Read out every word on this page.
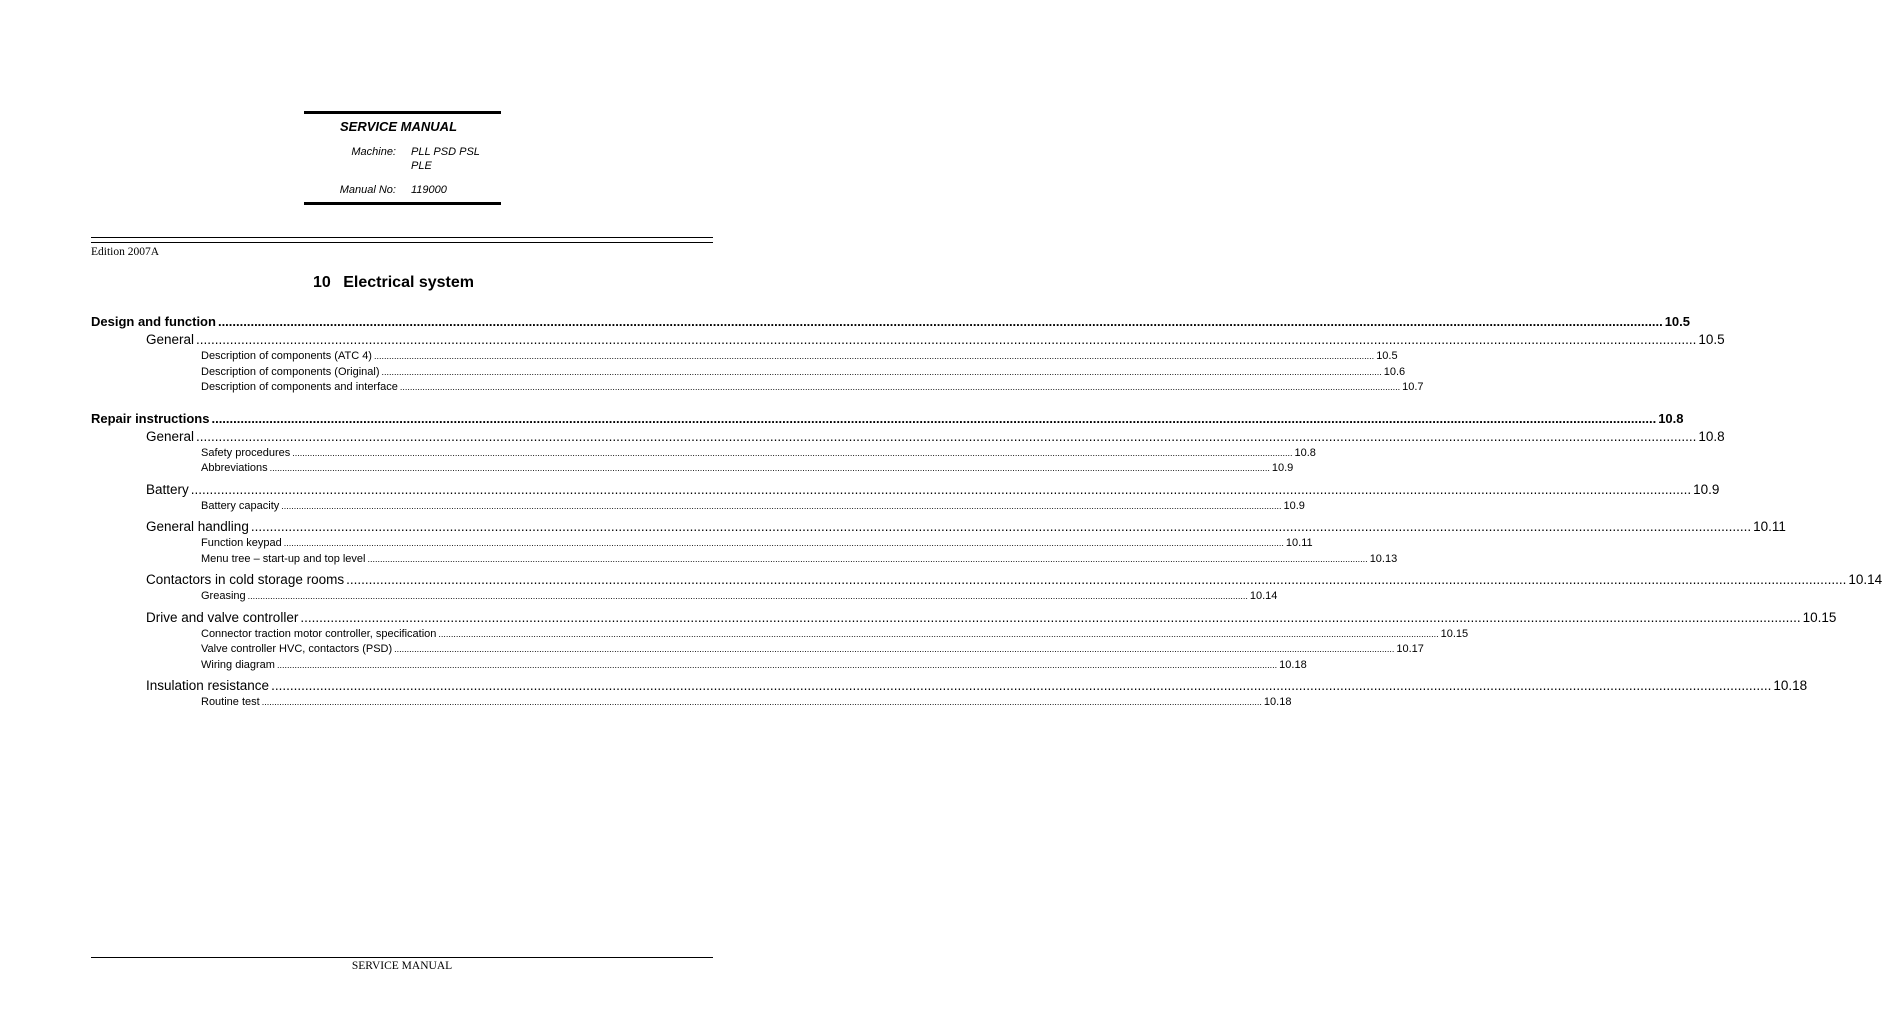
SERVICE MANUAL
Machine: PLL PSD PSL PLE
Manual No: 119000
Edition 2007A
10 Electrical system
Design and function ................................................................................................................................................................................................................................................................................................................................................................................................................ 10.5
General ................................................................................................................................................................................................................................................................................................................................................................................................................ 10.5
Description of components (ATC 4) ................................................................................................................................................................................................................................................................................................................................................................................................................ 10.5
Description of components (Original) ................................................................................................................................................................................................................................................................................................................................................................................................................ 10.6
Description of components and interface ................................................................................................................................................................................................................................................................................................................................................................................................................ 10.7
Repair instructions ................................................................................................................................................................................................................................................................................................................................................................................................................ 10.8
General ................................................................................................................................................................................................................................................................................................................................................................................................................ 10.8
Safety procedures ................................................................................................................................................................................................................................................................................................................................................................................................................ 10.8
Abbreviations ................................................................................................................................................................................................................................................................................................................................................................................................................ 10.9
Battery ................................................................................................................................................................................................................................................................................................................................................................................................................ 10.9
Battery capacity ................................................................................................................................................................................................................................................................................................................................................................................................................ 10.9
General handling ................................................................................................................................................................................................................................................................................................................................................................................................................ 10.11
Function keypad ................................................................................................................................................................................................................................................................................................................................................................................................................ 10.11
Menu tree – start-up and top level ................................................................................................................................................................................................................................................................................................................................................................................................................ 10.13
Contactors in cold storage rooms ................................................................................................................................................................................................................................................................................................................................................................................................................ 10.14
Greasing ................................................................................................................................................................................................................................................................................................................................................................................................................ 10.14
Drive and valve controller ................................................................................................................................................................................................................................................................................................................................................................................................................ 10.15
Connector traction motor controller, specification ................................................................................................................................................................................................................................................................................................................................................................................................................ 10.15
Valve controller HVC, contactors (PSD) ................................................................................................................................................................................................................................................................................................................................................................................................................ 10.17
Wiring diagram ................................................................................................................................................................................................................................................................................................................................................................................................................ 10.18
Insulation resistance ................................................................................................................................................................................................................................................................................................................................................................................................................ 10.18
Routine test ................................................................................................................................................................................................................................................................................................................................................................................................................ 10.18
SERVICE MANUAL
